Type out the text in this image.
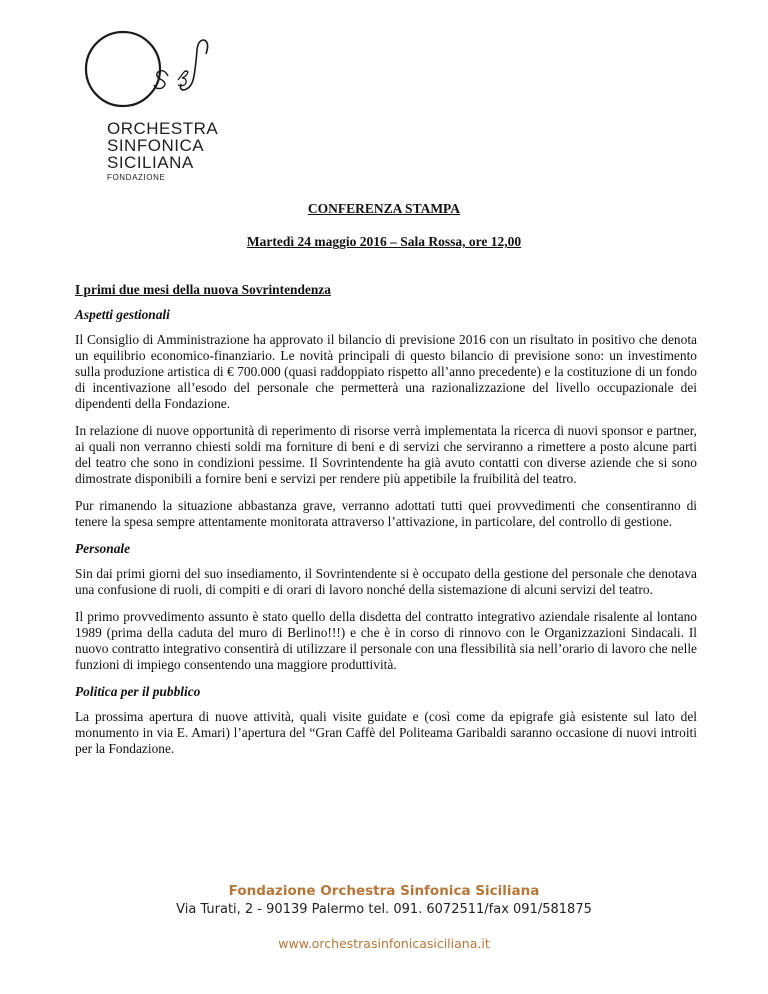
ORCHESTRA
SINFONICA
SICILIANA
FONDAZIONE
CONFERENZA STAMPA
Martedì 24 maggio 2016 – Sala Rossa, ore 12,00
I primi due mesi della nuova Sovrintendenza
Aspetti gestionali

Il Consiglio di Amministrazione ha approvato il bilancio di previsione 2016 con un risultato in positivo che denota un equilibrio economico-finanziario. Le novità principali di questo bilancio di previsione sono: un investimento sulla produzione artistica di € 700.000 (quasi raddoppiato rispetto all’anno precedente) e la costituzione di un fondo di incentivazione all’esodo del personale che permetterà una razionalizzazione del livello occupazionale dei dipendenti della Fondazione.

In relazione di nuove opportunità di reperimento di risorse verrà implementata la ricerca di nuovi sponsor e partner, ai quali non verranno chiesti soldi ma forniture di beni e di servizi che serviranno a rimettere a posto alcune parti del teatro che sono in condizioni pessime. Il Sovrintendente ha già avuto contatti con diverse aziende che si sono dimostrate disponibili a fornire beni e servizi per rendere più appetibile la fruibilità del teatro.

Pur rimanendo la situazione abbastanza grave, verranno adottati tutti quei provvedimenti che consentiranno di tenere la spesa sempre attentamente monitorata attraverso l’attivazione, in particolare, del controllo di gestione.

Personale

Sin dai primi giorni del suo insediamento, il Sovrintendente si è occupato della gestione del personale che denotava una confusione di ruoli, di compiti e di orari di lavoro nonché della sistemazione di alcuni servizi del teatro.

Il primo provvedimento assunto è stato quello della disdetta del contratto integrativo aziendale risalente al lontano 1989 (prima della caduta del muro di Berlino!!!) e che è in corso di rinnovo con le Organizzazioni Sindacali. Il nuovo contratto integrativo consentirà di utilizzare il personale con una flessibilità sia nell’orario di lavoro che nelle funzioni di impiego consentendo una maggiore produttività.

Politica per il pubblico

La prossima apertura di nuove attività, quali visite guidate e (così come da epigrafe già esistente sul lato del monumento in via E. Amari) l’apertura del “Gran Caffè del Politeama Garibaldi saranno occasione di nuovi introiti per la Fondazione.

Fondazione Orchestra Sinfonica Siciliana
Via Turati, 2 - 90139 Palermo tel. 091. 6072511/fax 091/581875
www.orchestrasinfonicasiciliana.it
